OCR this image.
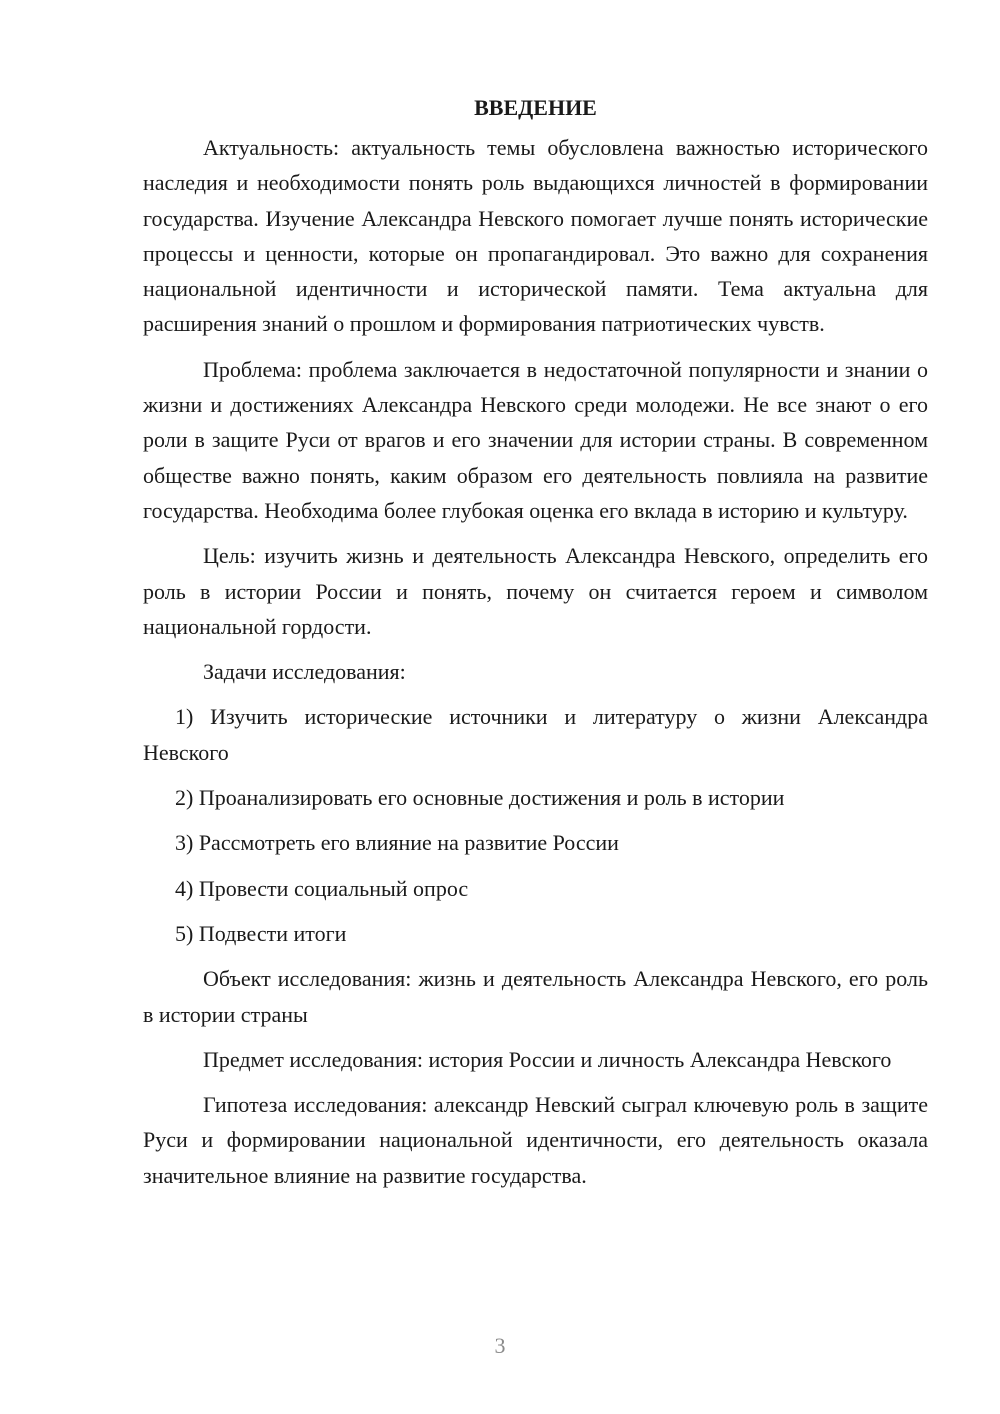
ВВЕДЕНИЕ
Актуальность: актуальность темы обусловлена важностью исторического наследия и необходимости понять роль выдающихся личностей в формировании государства. Изучение Александра Невского помогает лучше понять исторические процессы и ценности, которые он пропагандировал. Это важно для сохранения национальной идентичности и исторической памяти. Тема актуальна для расширения знаний о прошлом и формирования патриотических чувств.
Проблема: проблема заключается в недостаточной популярности и знании о жизни и достижениях Александра Невского среди молодежи. Не все знают о его роли в защите Руси от врагов и его значении для истории страны. В современном обществе важно понять, каким образом его деятельность повлияла на развитие государства. Необходима более глубокая оценка его вклада в историю и культуру.
Цель: изучить жизнь и деятельность Александра Невского, определить его роль в истории России и понять, почему он считается героем и символом национальной гордости.
Задачи исследования:
1) Изучить исторические источники и литературу о жизни Александра Невского
2) Проанализировать его основные достижения и роль в истории
3) Рассмотреть его влияние на развитие России
4) Провести социальный опрос
5) Подвести итоги
Объект исследования: жизнь и деятельность Александра Невского, его роль в истории страны
Предмет исследования: история России и личность Александра Невского
Гипотеза исследования: александр Невский сыграл ключевую роль в защите Руси и формировании национальной идентичности, его деятельность оказала значительное влияние на развитие государства.
3
